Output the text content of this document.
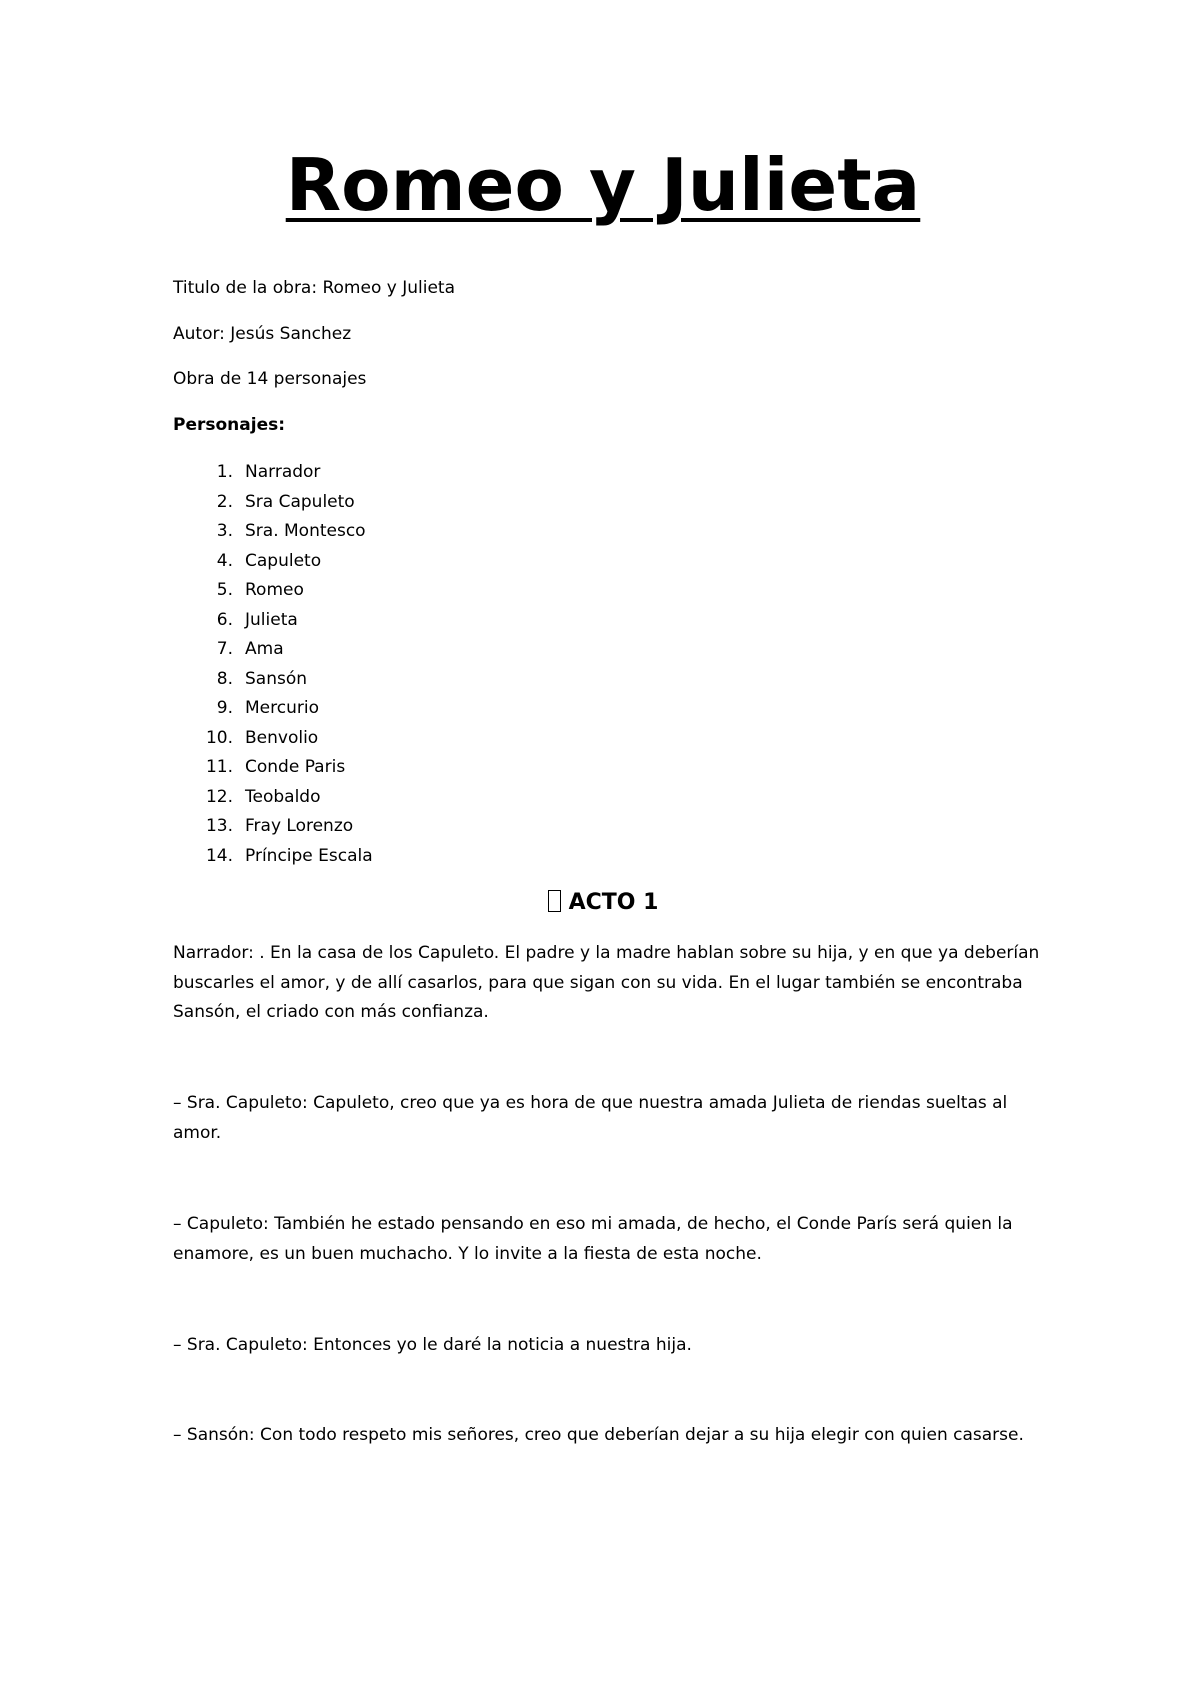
Romeo y Julieta

Titulo de la obra: Romeo y Julieta

Autor: Jesús Sanchez

Obra de 14 personajes

Personajes:

1. Narrador
2. Sra Capuleto
3. Sra. Montesco
4. Capuleto
5. Romeo
6. Julieta
7. Ama
8. Sansón
9. Mercurio
10. Benvolio
11. Conde Paris
12. Teobaldo
13. Fray Lorenzo
14. Príncipe Escala
ACTO 1

Narrador: . En la casa de los Capuleto. El padre y la madre hablan sobre su hija, y en que ya deberían buscarles el amor, y de allí casarlos, para que sigan con su vida. En el lugar también se encontraba Sansón, el criado con más confianza.

– Sra. Capuleto: Capuleto, creo que ya es hora de que nuestra amada Julieta de riendas sueltas al amor.

– Capuleto: También he estado pensando en eso mi amada, de hecho, el Conde París será quien la enamore, es un buen muchacho. Y lo invite a la fiesta de esta noche.

– Sra. Capuleto: Entonces yo le daré la noticia a nuestra hija.

– Sansón: Con todo respeto mis señores, creo que deberían dejar a su hija elegir con quien casarse.
